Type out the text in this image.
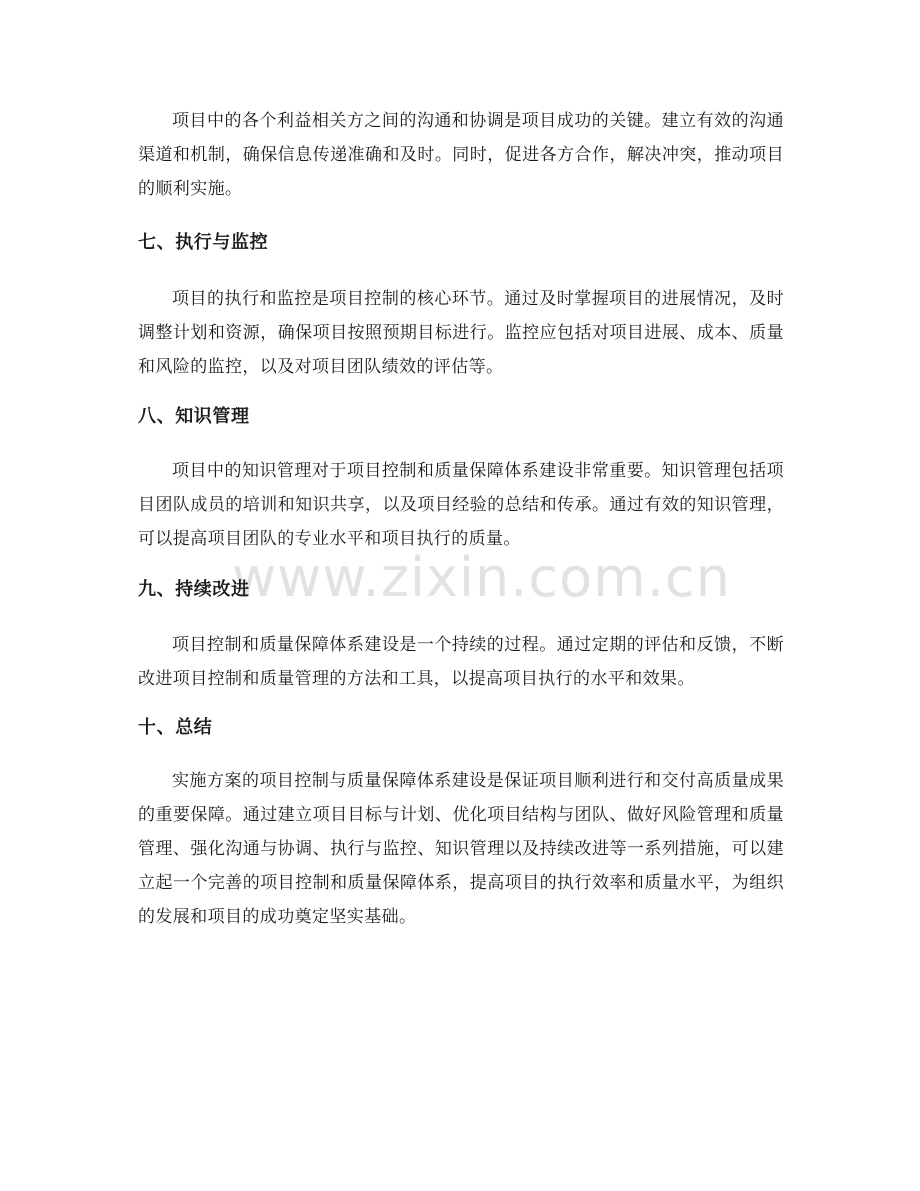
www.zixin.com.cn

项目中的各个利益相关方之间的沟通和协调是项目成功的关键。建立有效的沟通渠道和机制，确保信息传递准确和及时。同时，促进各方合作，解决冲突，推动项目的顺利实施。

七、执行与监控

项目的执行和监控是项目控制的核心环节。通过及时掌握项目的进展情况，及时调整计划和资源，确保项目按照预期目标进行。监控应包括对项目进展、成本、质量和风险的监控，以及对项目团队绩效的评估等。

八、知识管理

项目中的知识管理对于项目控制和质量保障体系建设非常重要。知识管理包括项目团队成员的培训和知识共享，以及项目经验的总结和传承。通过有效的知识管理，可以提高项目团队的专业水平和项目执行的质量。

九、持续改进

项目控制和质量保障体系建设是一个持续的过程。通过定期的评估和反馈，不断改进项目控制和质量管理的方法和工具，以提高项目执行的水平和效果。

十、总结

实施方案的项目控制与质量保障体系建设是保证项目顺利进行和交付高质量成果的重要保障。通过建立项目目标与计划、优化项目结构与团队、做好风险管理和质量管理、强化沟通与协调、执行与监控、知识管理以及持续改进等一系列措施，可以建立起一个完善的项目控制和质量保障体系，提高项目的执行效率和质量水平，为组织的发展和项目的成功奠定坚实基础。
